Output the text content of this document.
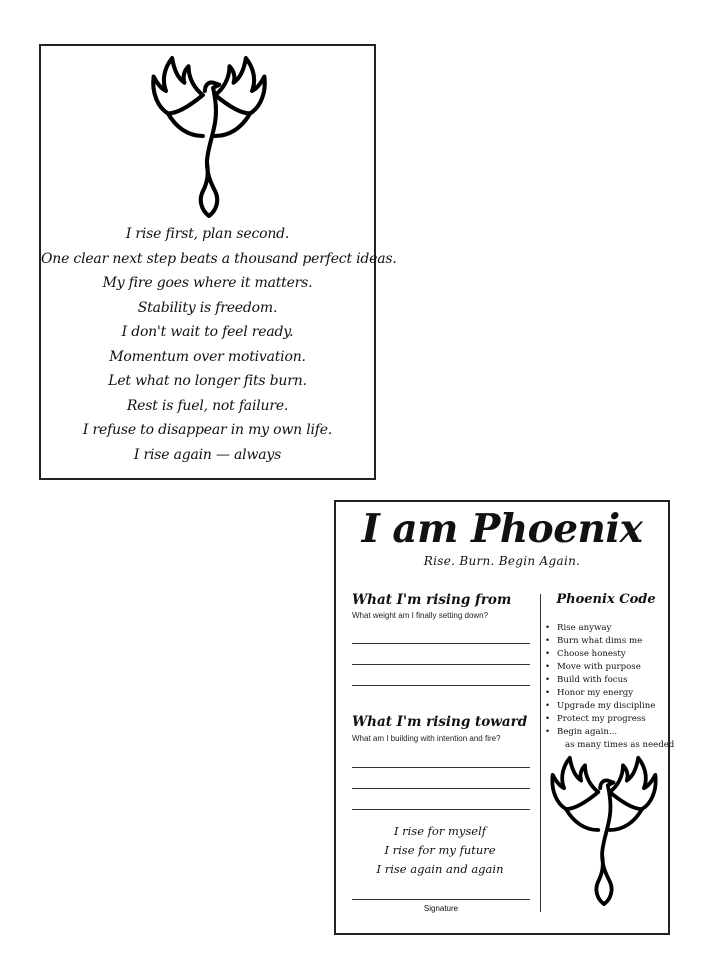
I rise first, plan second.
One clear next step beats a thousand perfect ideas.
My fire goes where it matters.
Stability is freedom.
I don't wait to feel ready.
Momentum over motivation.
Let what no longer fits burn.
Rest is fuel, not failure.
I refuse to disappear in my own life.
I rise again — always
I am Phoenix
Rise. Burn. Begin Again.
What I'm rising from
What weight am I finally setting down?
What I'm rising toward
What am I building with intention and fire?
Phoenix Code
• Rise anyway
• Burn what dims me
• Choose honesty
• Move with purpose
• Build with focus
• Honor my energy
• Upgrade my discipline
• Protect my progress
• Begin again...
as many times as needed
I rise for myself
I rise for my future
I rise again and again
Signature
